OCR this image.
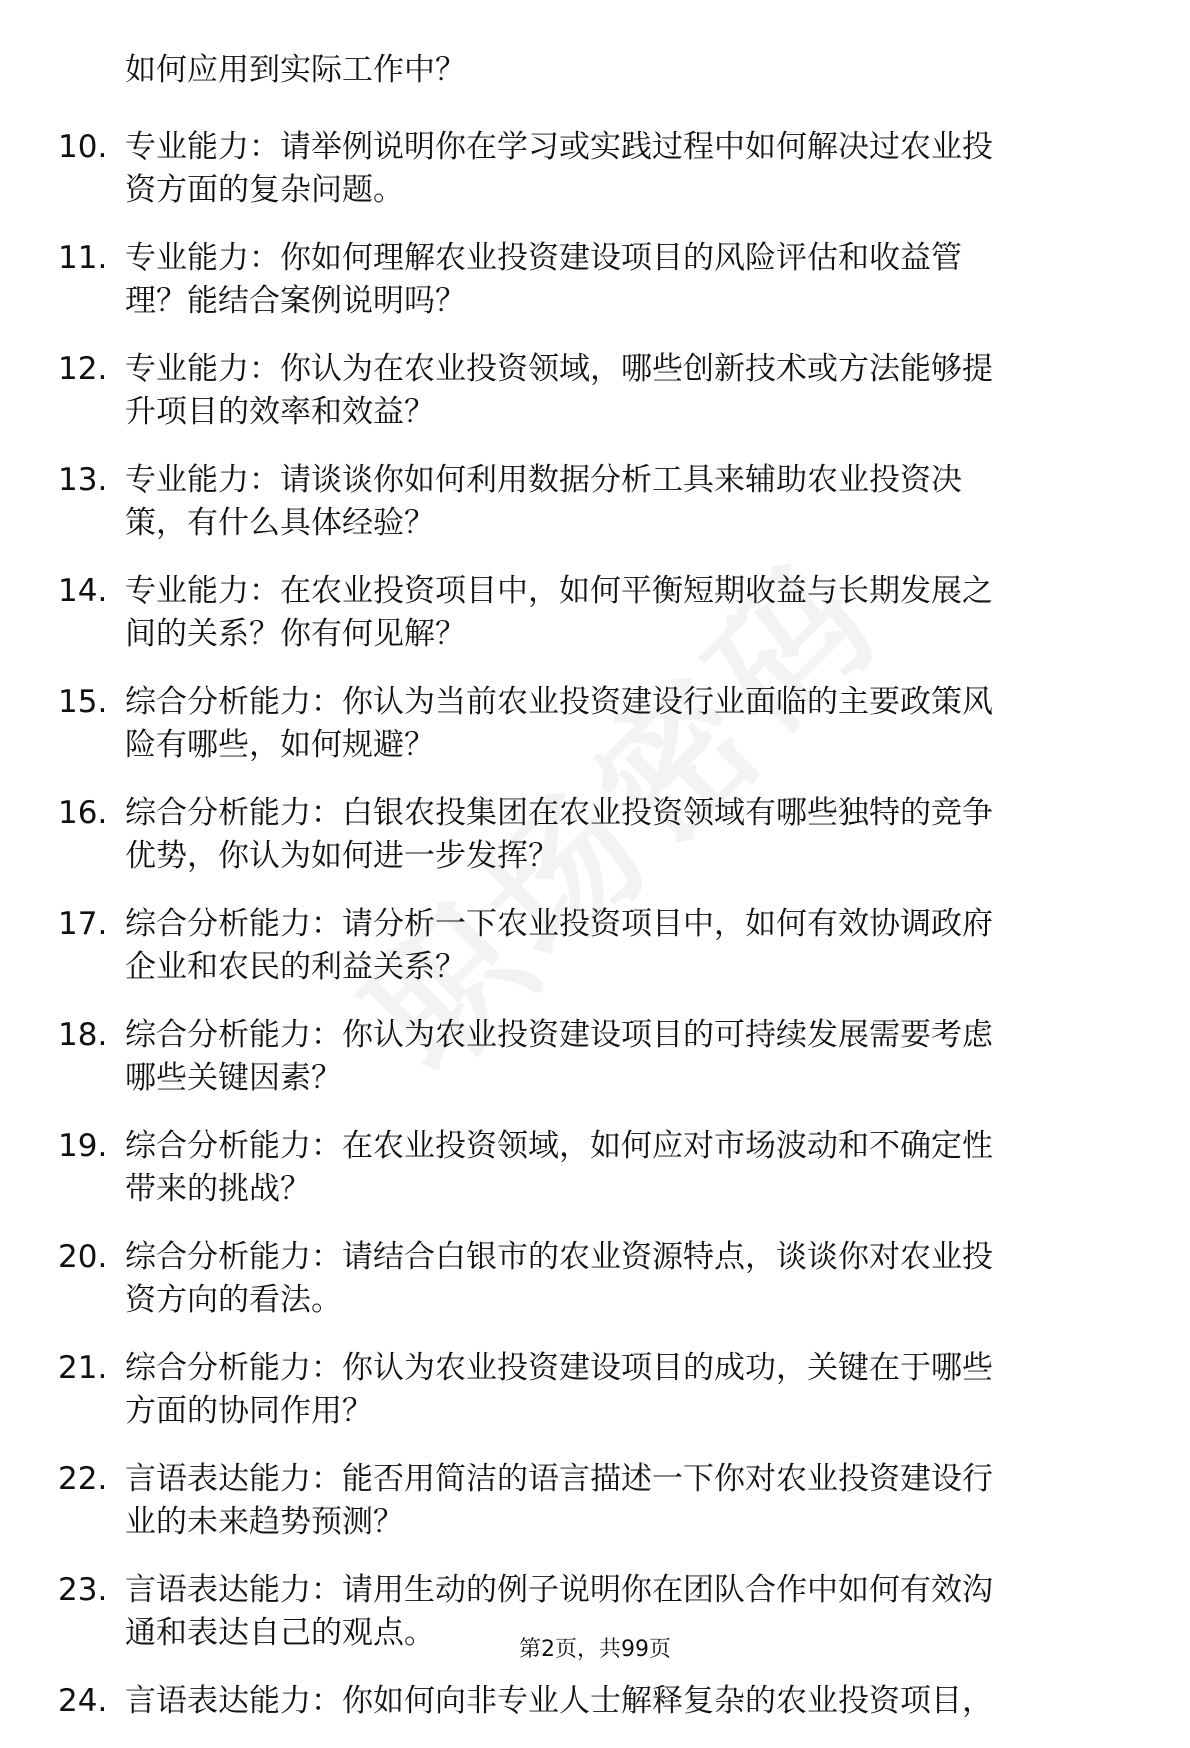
如何应用到实际工作中？
10. 专业能力：请举例说明你在学习或实践过程中如何解决过农业投
资方面的复杂问题。
11. 专业能力：你如何理解农业投资建设项目的风险评估和收益管
理？能结合案例说明吗？
12. 专业能力：你认为在农业投资领域，哪些创新技术或方法能够提
升项目的效率和效益？
13. 专业能力：请谈谈你如何利用数据分析工具来辅助农业投资决
策，有什么具体经验？
14. 专业能力：在农业投资项目中，如何平衡短期收益与长期发展之
间的关系？你有何见解？
15. 综合分析能力：你认为当前农业投资建设行业面临的主要政策风
险有哪些，如何规避？
16. 综合分析能力：白银农投集团在农业投资领域有哪些独特的竞争
优势，你认为如何进一步发挥？
17. 综合分析能力：请分析一下农业投资项目中，如何有效协调政府
企业和农民的利益关系？
18. 综合分析能力：你认为农业投资建设项目的可持续发展需要考虑
哪些关键因素？
19. 综合分析能力：在农业投资领域，如何应对市场波动和不确定性
带来的挑战？
20. 综合分析能力：请结合白银市的农业资源特点，谈谈你对农业投
资方向的看法。
21. 综合分析能力：你认为农业投资建设项目的成功，关键在于哪些
方面的协同作用？
22. 言语表达能力：能否用简洁的语言描述一下你对农业投资建设行
业的未来趋势预测？
23. 言语表达能力：请用生动的例子说明你在团队合作中如何有效沟
通和表达自己的观点。
24. 言语表达能力：你如何向非专业人士解释复杂的农业投资项目，
第2页，共99页
